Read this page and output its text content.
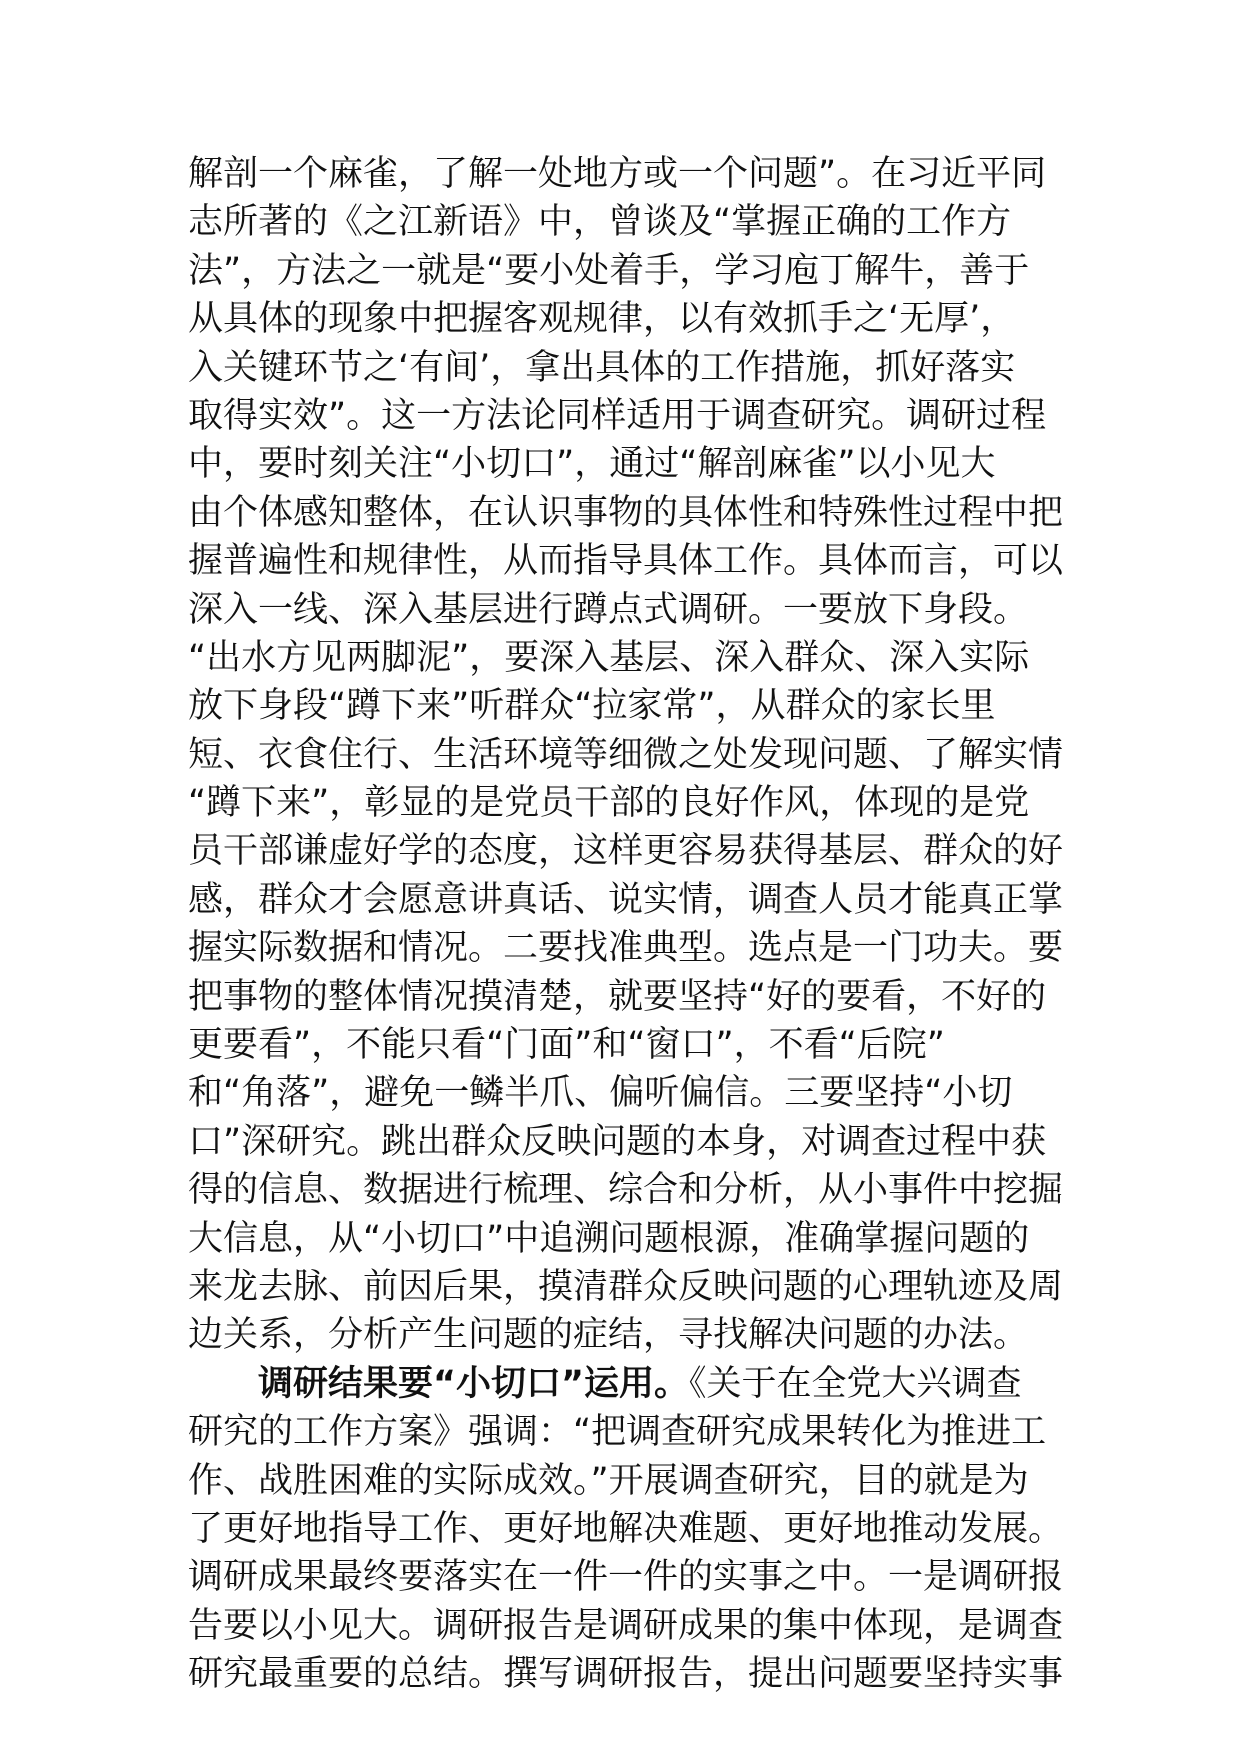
解剖一个麻雀，了解一处地方或一个问题”。在习近平同
志所著的《之江新语》中，曾谈及“掌握正确的工作方
法”，方法之一就是“要小处着手，学习庖丁解牛，善于
从具体的现象中把握客观规律，以有效抓手之‘无厚’，
入关键环节之‘有间’，拿出具体的工作措施，抓好落实
取得实效”。这一方法论同样适用于调查研究。调研过程
中，要时刻关注“小切口”，通过“解剖麻雀”以小见大
由个体感知整体，在认识事物的具体性和特殊性过程中把
握普遍性和规律性，从而指导具体工作。具体而言，可以
深入一线、深入基层进行蹲点式调研。一要放下身段。
“出水方见两脚泥”，要深入基层、深入群众、深入实际
放下身段“蹲下来”听群众“拉家常”，从群众的家长里
短、衣食住行、生活环境等细微之处发现问题、了解实情
“蹲下来”，彰显的是党员干部的良好作风，体现的是党
员干部谦虚好学的态度，这样更容易获得基层、群众的好
感，群众才会愿意讲真话、说实情，调查人员才能真正掌
握实际数据和情况。二要找准典型。选点是一门功夫。要
把事物的整体情况摸清楚，就要坚持“好的要看，不好的
更要看”，不能只看“门面”和“窗口”，不看“后院”
和“角落”，避免一鳞半爪、偏听偏信。三要坚持“小切
口”深研究。跳出群众反映问题的本身，对调查过程中获
得的信息、数据进行梳理、综合和分析，从小事件中挖掘
大信息，从“小切口”中追溯问题根源，准确掌握问题的
来龙去脉、前因后果，摸清群众反映问题的心理轨迹及周
边关系，分析产生问题的症结，寻找解决问题的办法。
　　调研结果要“小切口”运用。《关于在全党大兴调查
研究的工作方案》强调：“把调查研究成果转化为推进工
作、战胜困难的实际成效。”开展调查研究，目的就是为
了更好地指导工作、更好地解决难题、更好地推动发展。
调研成果最终要落实在一件一件的实事之中。一是调研报
告要以小见大。调研报告是调研成果的集中体现，是调查
研究最重要的总结。撰写调研报告，提出问题要坚持实事
